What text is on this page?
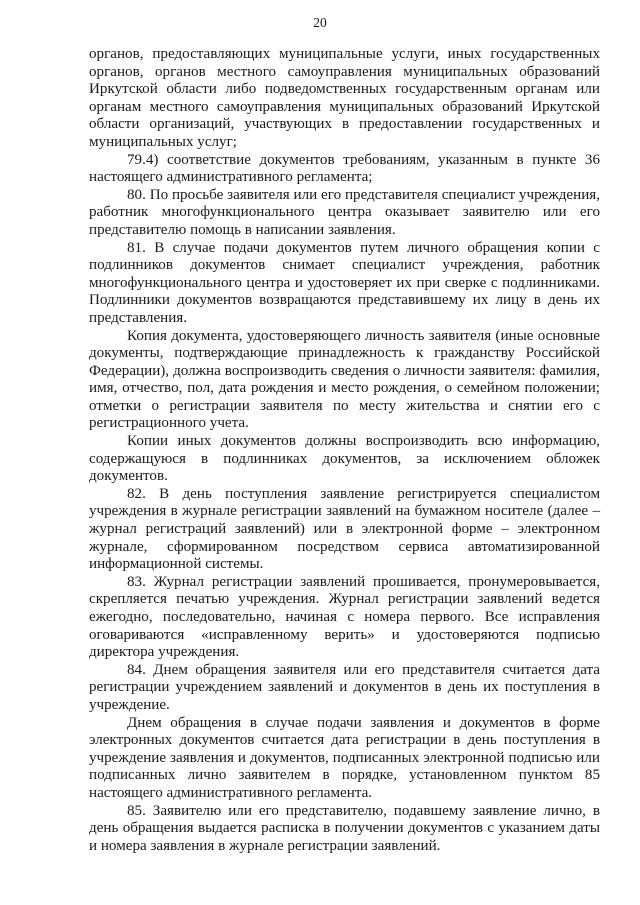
20

органов, предоставляющих муниципальные услуги, иных государственных органов, органов местного самоуправления муниципальных образований Иркутской области либо подведомственных государственным органам или органам местного самоуправления муниципальных образований Иркутской области организаций, участвующих в предоставлении государственных и муниципальных услуг;

79.4) соответствие документов требованиям, указанным в пункте 36 настоящего административного регламента;

80. По просьбе заявителя или его представителя специалист учреждения, работник многофункционального центра оказывает заявителю или его представителю помощь в написании заявления.

81. В случае подачи документов путем личного обращения копии с подлинников документов снимает специалист учреждения, работник многофункционального центра и удостоверяет их при сверке с подлинниками. Подлинники документов возвращаются представившему их лицу в день их представления.

Копия документа, удостоверяющего личность заявителя (иные основные документы, подтверждающие принадлежность к гражданству Российской Федерации), должна воспроизводить сведения о личности заявителя: фамилия, имя, отчество, пол, дата рождения и место рождения, о семейном положении; отметки о регистрации заявителя по месту жительства и снятии его с регистрационного учета.

Копии иных документов должны воспроизводить всю информацию, содержащуюся в подлинниках документов, за исключением обложек документов.

82. В день поступления заявление регистрируется специалистом учреждения в журнале регистрации заявлений на бумажном носителе (далее – журнал регистраций заявлений) или в электронной форме – электронном журнале, сформированном посредством сервиса автоматизированной информационной системы.

83. Журнал регистрации заявлений прошивается, пронумеровывается, скрепляется печатью учреждения. Журнал регистрации заявлений ведется ежегодно, последовательно, начиная с номера первого. Все исправления оговариваются «исправленному верить» и удостоверяются подписью директора учреждения.

84. Днем обращения заявителя или его представителя считается дата регистрации учреждением заявлений и документов в день их поступления в учреждение.

Днем обращения в случае подачи заявления и документов в форме электронных документов считается дата регистрации в день поступления в учреждение заявления и документов, подписанных электронной подписью или подписанных лично заявителем в порядке, установленном пунктом 85 настоящего административного регламента.

85. Заявителю или его представителю, подавшему заявление лично, в день обращения выдается расписка в получении документов с указанием даты и номера заявления в журнале регистрации заявлений.
